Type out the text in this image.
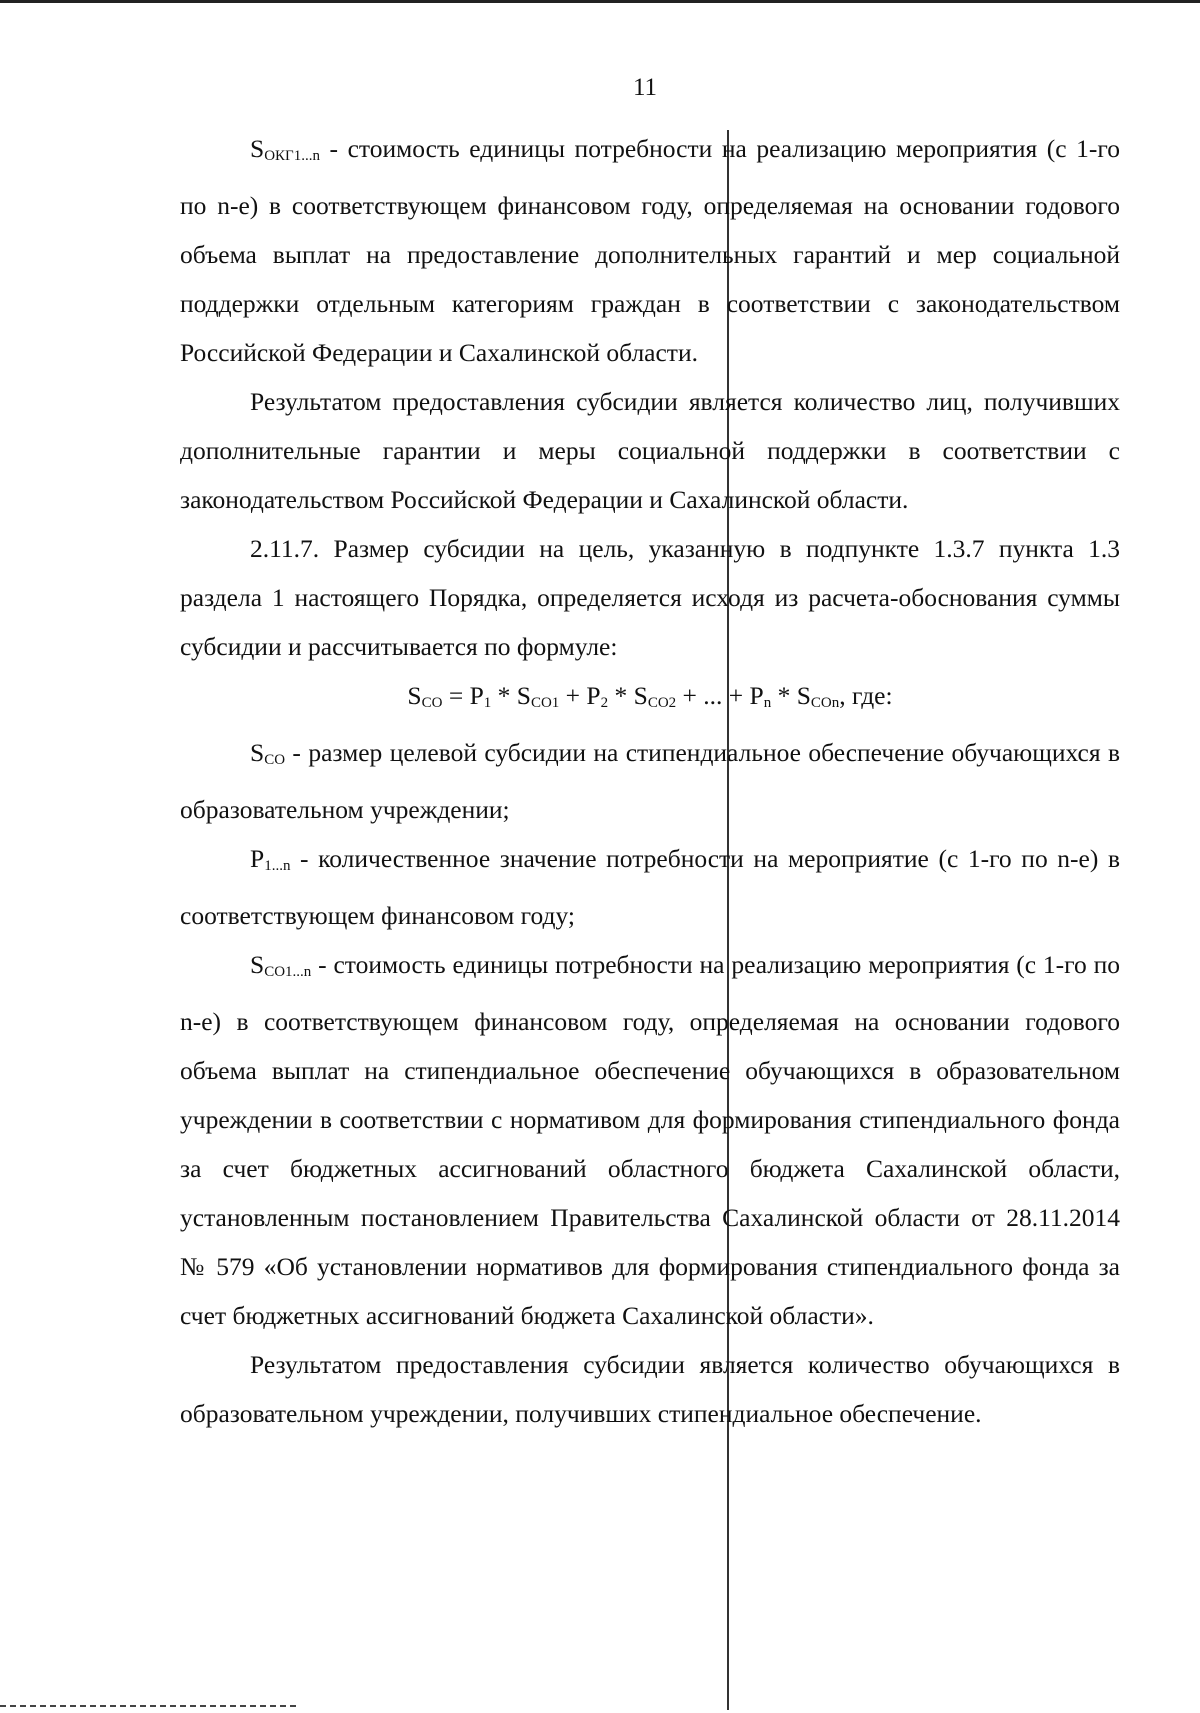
11

$S_{ОКГ1...n}$ - стоимость единицы потребности на реализацию мероприятия (с 1-го по n-е) в соответствующем финансовом году, определяемая на основании годового объема выплат на предоставление дополнительных гарантий и мер социальной поддержки отдельным категориям граждан в соответствии с законодательством Российской Федерации и Сахалинской области.

Результатом предоставления субсидии является количество лиц, получивших дополнительные гарантии и меры социальной поддержки в соответствии с законодательством Российской Федерации и Сахалинской области.

2.11.7. Размер субсидии на цель, указанную в подпункте 1.3.7 пункта 1.3 раздела 1 настоящего Порядка, определяется исходя из расчета-обоснования суммы субсидии и рассчитывается по формуле:

$S_{СО} = P_1 * S_{СО1} + P_2 * S_{СО2}$ + ... + $P_n * S_{СОn}$, где:

$S_{СО}$ - размер целевой субсидии на стипендиальное обеспечение обучающихся в образовательном учреждении;

$P_{1...n}$ - количественное значение потребности на мероприятие (с 1-го по n-е) в соответствующем финансовом году;

$S_{СО1...n}$ - стоимость единицы потребности на реализацию мероприятия (с 1-го по n-е) в соответствующем финансовом году, определяемая на основании годового объема выплат на стипендиальное обеспечение обучающихся в образовательном учреждении в соответствии с нормативом для формирования стипендиального фонда за счет бюджетных ассигнований областного бюджета Сахалинской области, установленным постановлением Правительства Сахалинской области от 28.11.2014 № 579 «Об установлении нормативов для формирования стипендиального фонда за счет бюджетных ассигнований бюджета Сахалинской области».

Результатом предоставления субсидии является количество обучающихся в образовательном учреждении, получивших стипендиальное обеспечение.
